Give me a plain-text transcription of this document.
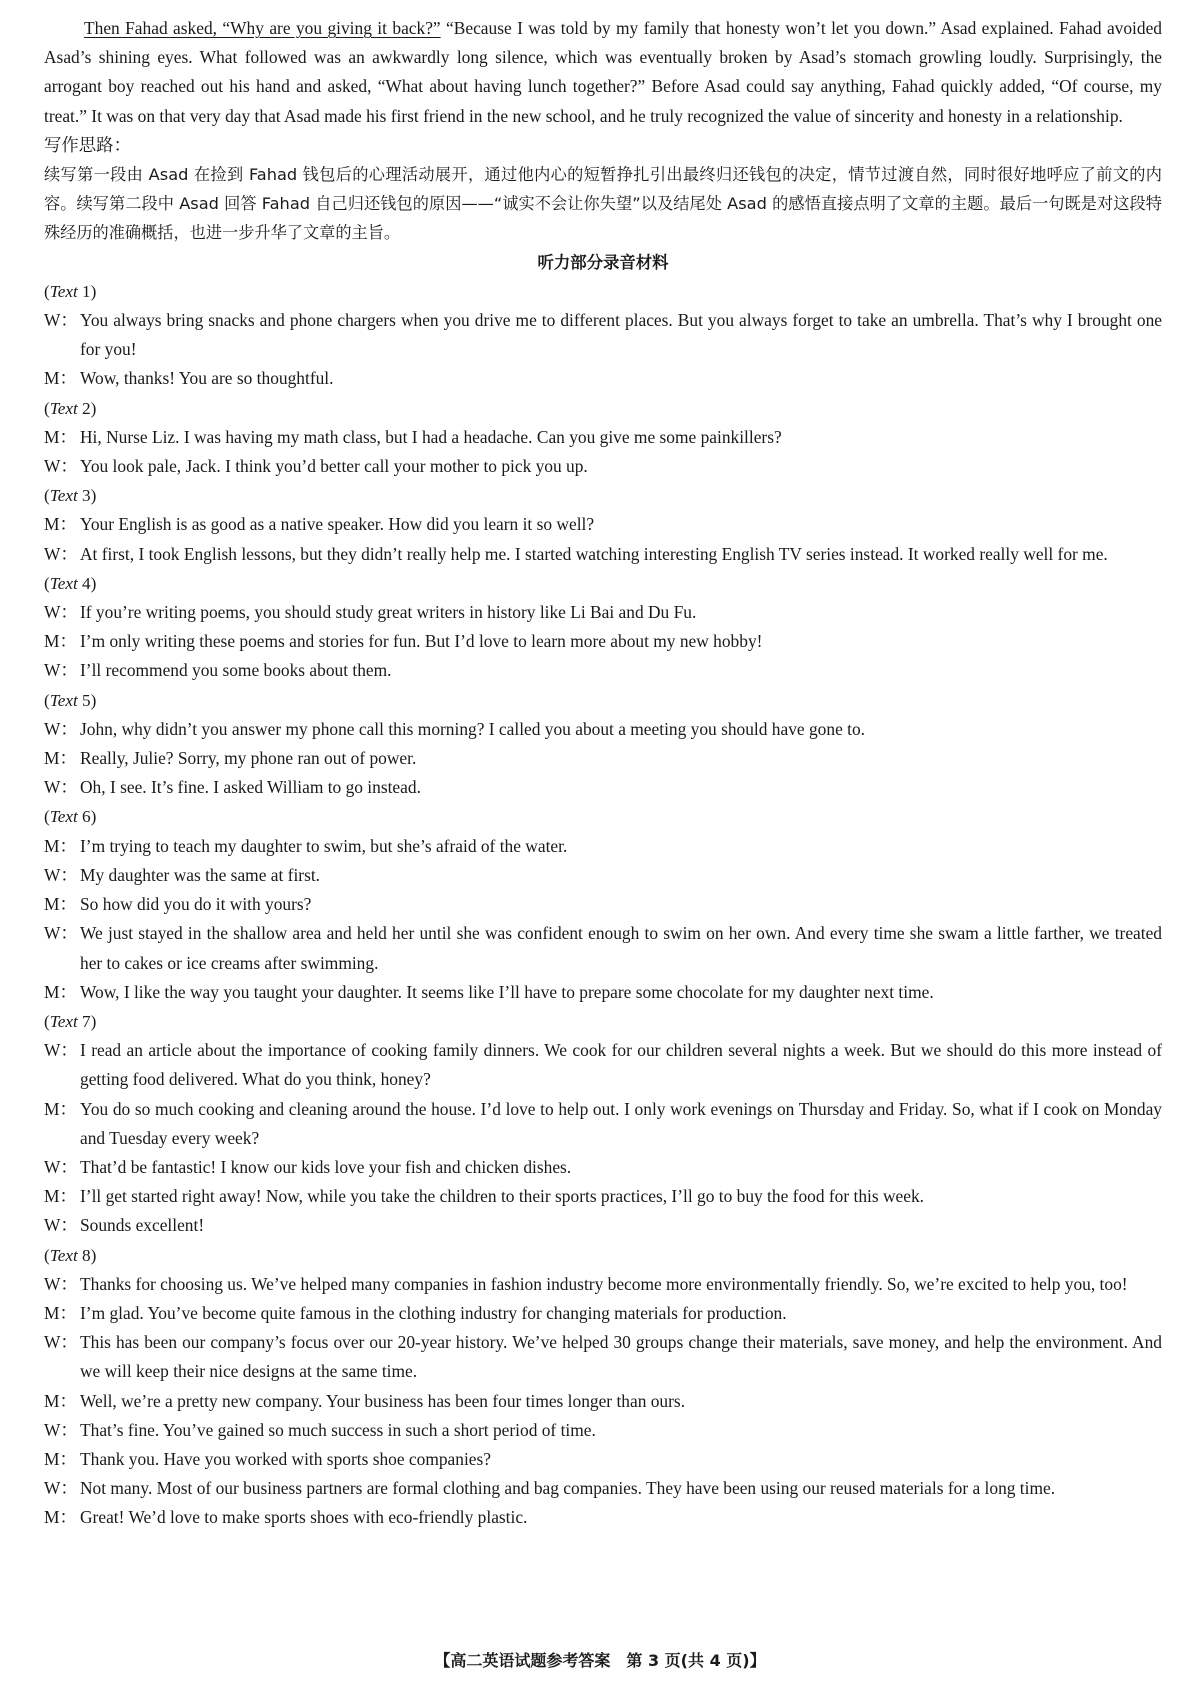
Then Fahad asked, “Why are you giving it back?” “Because I was told by my family that honesty won’t let you down.” Asad explained. Fahad avoided Asad’s shining eyes. What followed was an awkwardly long silence, which was eventually broken by Asad’s stomach growling loudly. Surprisingly, the arrogant boy reached out his hand and asked, “What about having lunch together?” Before Asad could say anything, Fahad quickly added, “Of course, my treat.” It was on that very day that Asad made his first friend in the new school, and he truly recognized the value of sincerity and honesty in a relationship.

写作思路：

续写第一段由 Asad 在捡到 Fahad 钱包后的心理活动展开，通过他内心的短暂挣扎引出最终归还钱包的决定，情节过渡自然，同时很好地呼应了前文的内容。续写第二段中 Asad 回答 Fahad 自己归还钱包的原因——“诚实不会让你失望”以及结尾处 Asad 的感悟直接点明了文章的主题。最后一句既是对这段特殊经历的准确概括，也进一步升华了文章的主旨。

听力部分录音材料

(Text 1)

W： You always bring snacks and phone chargers when you drive me to different places. But you always forget to take an umbrella. That’s why I brought one for you!
M： Wow, thanks! You are so thoughtful.

(Text 2)

M： Hi, Nurse Liz. I was having my math class, but I had a headache. Can you give me some painkillers?
W： You look pale, Jack. I think you’d better call your mother to pick you up.

(Text 3)

M： Your English is as good as a native speaker. How did you learn it so well?
W： At first, I took English lessons, but they didn’t really help me. I started watching interesting English TV series instead. It worked really well for me.

(Text 4)

W： If you’re writing poems, you should study great writers in history like Li Bai and Du Fu.
M： I’m only writing these poems and stories for fun. But I’d love to learn more about my new hobby!
W： I’ll recommend you some books about them.

(Text 5)

W： John, why didn’t you answer my phone call this morning? I called you about a meeting you should have gone to.
M： Really, Julie? Sorry, my phone ran out of power.
W： Oh, I see. It’s fine. I asked William to go instead.

(Text 6)

M： I’m trying to teach my daughter to swim, but she’s afraid of the water.
W： My daughter was the same at first.
M： So how did you do it with yours?
W： We just stayed in the shallow area and held her until she was confident enough to swim on her own. And every time she swam a little farther, we treated her to cakes or ice creams after swimming.
M： Wow, I like the way you taught your daughter. It seems like I’ll have to prepare some chocolate for my daughter next time.

(Text 7)

W： I read an article about the importance of cooking family dinners. We cook for our children several nights a week. But we should do this more instead of getting food delivered. What do you think, honey?
M： You do so much cooking and cleaning around the house. I’d love to help out. I only work evenings on Thursday and Friday. So, what if I cook on Monday and Tuesday every week?
W： That’d be fantastic! I know our kids love your fish and chicken dishes.
M： I’ll get started right away! Now, while you take the children to their sports practices, I’ll go to buy the food for this week.
W： Sounds excellent!

(Text 8)

W： Thanks for choosing us. We’ve helped many companies in fashion industry become more environmentally friendly. So, we’re excited to help you, too!
M： I’m glad. You’ve become quite famous in the clothing industry for changing materials for production.
W： This has been our company’s focus over our 20-year history. We’ve helped 30 groups change their materials, save money, and help the environment. And we will keep their nice designs at the same time.
M： Well, we’re a pretty new company. Your business has been four times longer than ours.
W： That’s fine. You’ve gained so much success in such a short period of time.
M： Thank you. Have you worked with sports shoe companies?
W： Not many. Most of our business partners are formal clothing and bag companies. They have been using our reused materials for a long time.
M： Great! We’d love to make sports shoes with eco-friendly plastic.
【高二英语试题参考答案　第 3 页(共 4 页)】
